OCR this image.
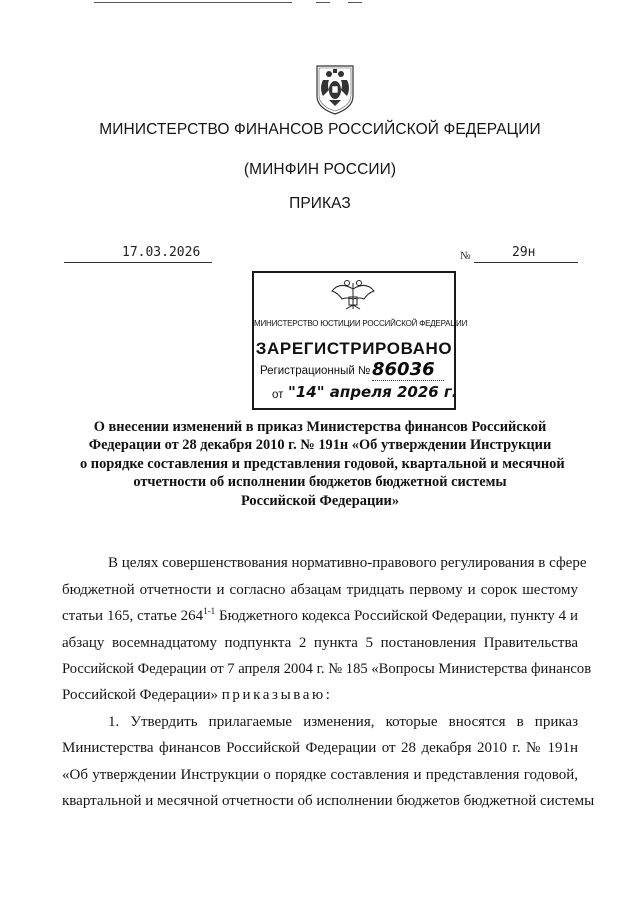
МИНИСТЕРСТВО ФИНАНСОВ РОССИЙСКОЙ ФЕДЕРАЦИИ
(МИНФИН РОССИИ)
ПРИКАЗ
17.03.2026	№	29н
МИНИСТЕРСТВО ЮСТИЦИИ РОССИЙСКОЙ ФЕДЕРАЦИИ
ЗАРЕГИСТРИРОВАНО
Регистрационный № 86036
от "14" апреля 2026 г.
О внесении изменений в приказ Министерства финансов Российской
Федерации от 28 декабря 2010 г. № 191н «Об утверждении Инструкции
о порядке составления и представления годовой, квартальной и месячной
отчетности об исполнении бюджетов бюджетной системы
Российской Федерации»
В целях совершенствования нормативно-правового регулирования в сфере
бюджетной отчетности и согласно абзацам тридцать первому и сорок шестому
статьи 165, статье 264$^{1-1}$ Бюджетного кодекса Российской Федерации, пункту 4 и
абзацу восемнадцатому подпункта 2 пункта 5 постановления Правительства
Российской Федерации от 7 апреля 2004 г. № 185 «Вопросы Министерства финансов
Российской Федерации» приказываю:
1. Утвердить прилагаемые изменения, которые вносятся в приказ
Министерства финансов Российской Федерации от 28 декабря 2010 г. № 191н
«Об утверждении Инструкции о порядке составления и представления годовой,
квартальной и месячной отчетности об исполнении бюджетов бюджетной системы
